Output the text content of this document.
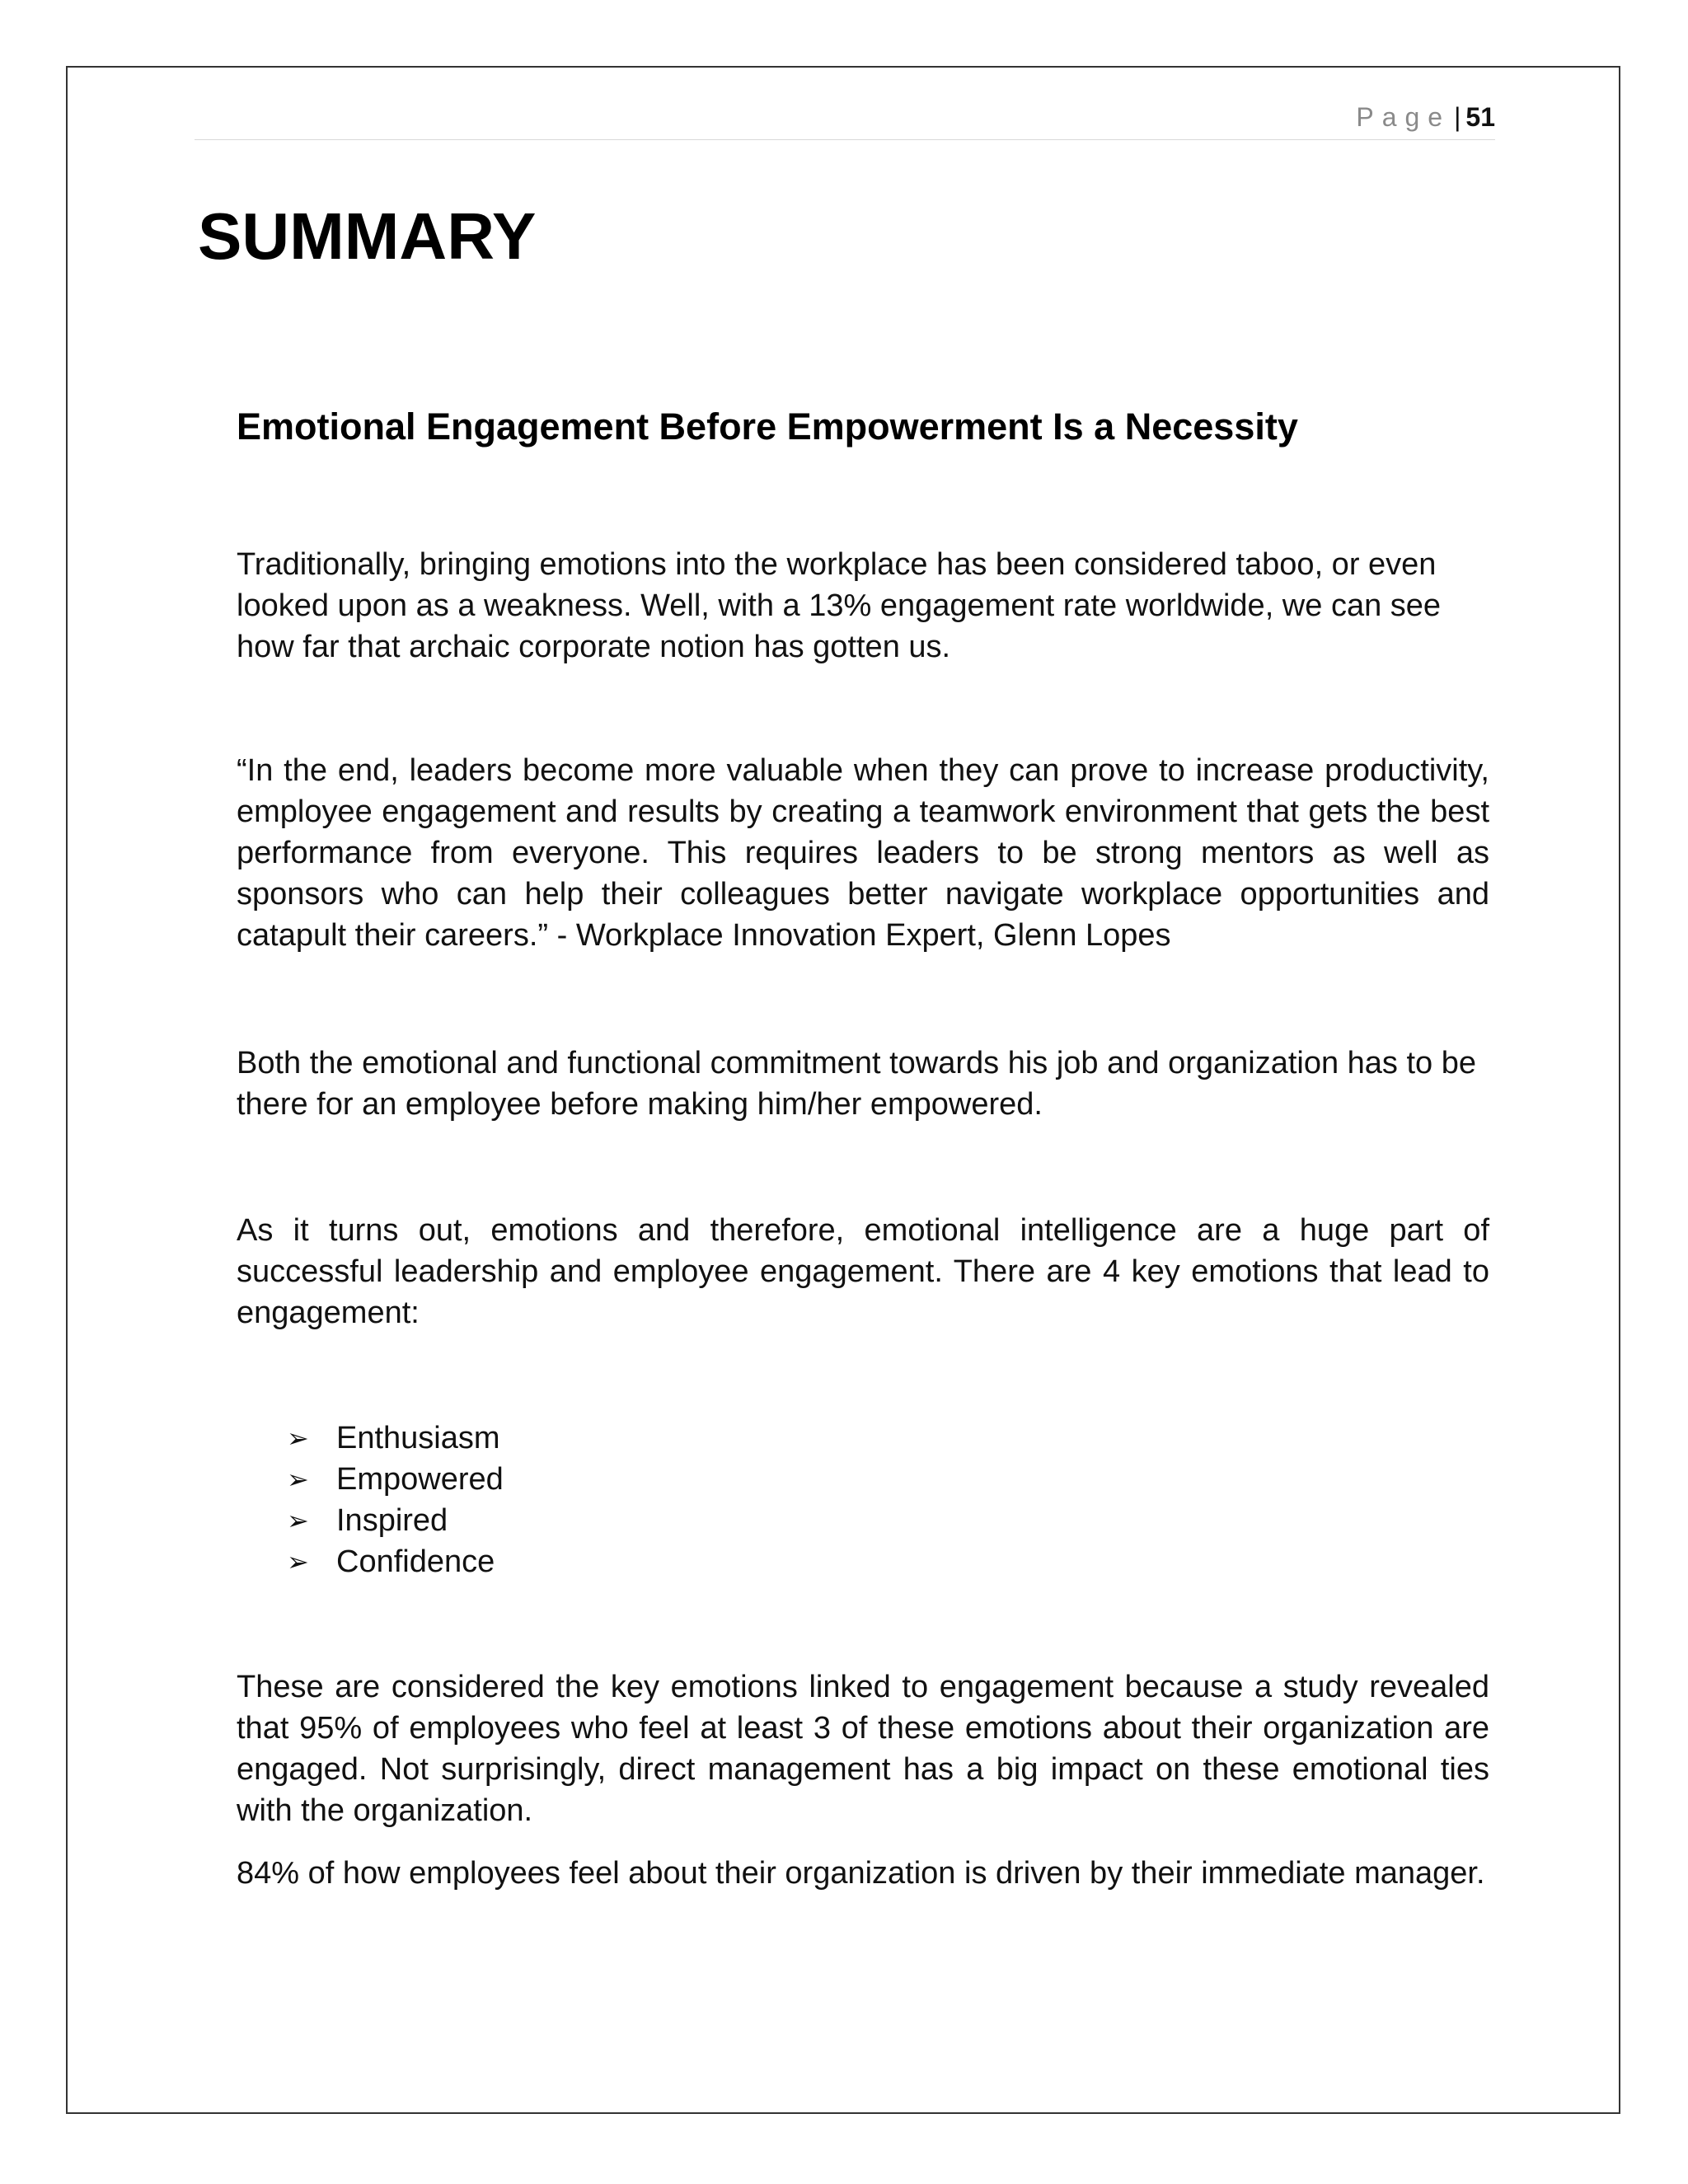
Page | 51
SUMMARY
Emotional Engagement Before Empowerment Is a Necessity

Traditionally, bringing emotions into the workplace has been considered taboo, or even looked upon as a weakness. Well, with a 13% engagement rate worldwide, we can see how far that archaic corporate notion has gotten us.

“In the end, leaders become more valuable when they can prove to increase productivity, employee engagement and results by creating a teamwork environment that gets the best performance from everyone. This requires leaders to be strong mentors as well as sponsors who can help their colleagues better navigate workplace opportunities and catapult their careers.” - Workplace Innovation Expert, Glenn Lopes

Both the emotional and functional commitment towards his job and organization has to be there for an employee before making him/her empowered.

As it turns out, emotions and therefore, emotional intelligence are a huge part of successful leadership and employee engagement. There are 4 key emotions that lead to engagement:

➢ Enthusiasm
➢ Empowered
➢ Inspired
➢ Confidence

These are considered the key emotions linked to engagement because a study revealed that 95% of employees who feel at least 3 of these emotions about their organization are engaged. Not surprisingly, direct management has a big impact on these emotional ties with the organization.

84% of how employees feel about their organization is driven by their immediate manager.
